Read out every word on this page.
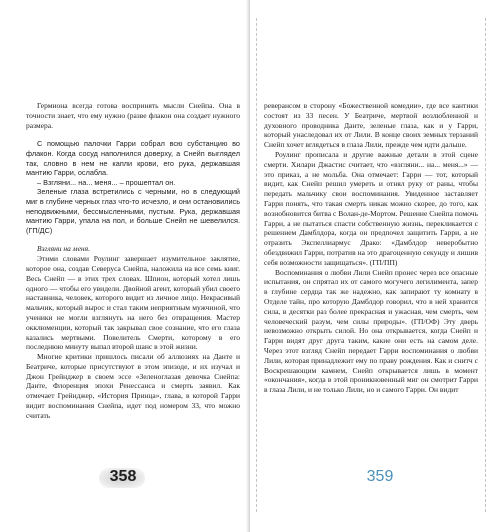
Гермиона всегда готова воспринять мысли Снейпа. Она в точности знает, что ему нужно (разве флакон она создает нужного размера.

С помощью палочки Гарри собрал всю субстанцию во флакон. Когда сосуд наполнился доверху, а Снейп выглядел так, словно в нем не капли крови, его рука, державшая мантию Гарри, ослабла.

– Взгляни... на... меня... – прошептал он.

Зеленые глаза встретились с черными, но в следующий миг в глубине черных глаз что-то исчезло, и они остановились неподвижными, бессмысленными, пустым. Рука, державшая мантию Гарри, упала на пол, и больше Снейп не шевелился. (ГП/ДС)

Взгляни на меня.

Этими словами Роулинг завершает изумительное заклятие, которое она, создав Северуса Снейпа, наложила на все семь книг. Весь Снейп — в этих трех словах. Шпион, который хотел лишь одного — чтобы его увидели. Двойной агент, который убил своего наставника, человек, которого видит из личное лицо. Некрасивый мальчик, который вырос и стал таким неприятным мужчиной, что ученики не могли взглянуть на него без отвращения. Мастер окклюменции, который так закрывал свое сознание, что его глаза казались мертвыми. Повелитель Смерти, которому в его последнюю минуту выпал второй шанс в этой жизни.

Многие критики пришлось писали об аллюзиях на Данте и Беатриче, которые присутствуют в этом эпизоде, и их изучал и Джон Грейнджер в своем эссе «Зеленоглазая девочка Снейпа: Данте, Флоренция эпохи Ренессанса и смерть заявил. Как отмечает Грейнджер, «История Принца», глава, в которой Гарри видит воспоминания Снейпа, идет под номером 33, что можно считать

358

реверансом в сторону «Божественной комедии», где все кантики состоят из 33 песен. У Беатриче, мертвой возлюбленной и духовного проводника Данте, зеленые глаза, как и у Гарри, который унаследовал их от Лили. В конце своих земных терзаний Снейп хочет вглядеться в глаза Лили, прежде чем идти дальше.

Роулинг прописала и другие важные детали в этой сцене смерти. Хилари Джастис считает, что «взгляни... на... меня...» — это приказ, а не мольба. Она отмечает: Гарри — тот, который видит, как Снейп решил умереть и отнял руку от раны, чтобы передать мальчику свои воспоминания. Увиденное заставляет Гарри понять, что такая смерть никак можно скорее, до того, как вознобновится битва с Волан-де-Мортом. Решение Снейпа помочь Гарри, а не пытаться спасти собственную жизнь, перекликается с решением Дамблдора, когда он предпочел защитить Гарри, а не отразить Экспеллиармус Драко: «Дамблдор неверобытно обездвижил Гарри, потратив на это драгоценную секунду и лишив себя возможности защищаться». (ГП/ПП)

Воспоминания о любви Лили Снейп пронес через все опасные испытания, он спрятал их от самого могучего легилимента, запер в глубине сердца так же надежно, как запирают ту комнату в Отделе тайн, про которую Дамблдор говорил, что в ней хранится сила, в десятки раз более прекрасная и ужасная, чем смерть, чем человеческий разум, чем силы природы». (ГП/ОФ) Эту дверь невозможно открыть силой. Но она открывается, когда Снейп и Гарри видят друг друга таким, какие они есть на самом деле. Через этот взгляд Снейп передает Гарри воспоминания о любви Лили, которая принадлежит ему по праву рождения. Как и снитч с Воскрешающим камнем, Снейп открывается лишь в момент «окончания», когда в этой проникновенный миг он смотрит Гарри в глаза Лили, и не только Лили, но и самого Гарри. Он видит

359
